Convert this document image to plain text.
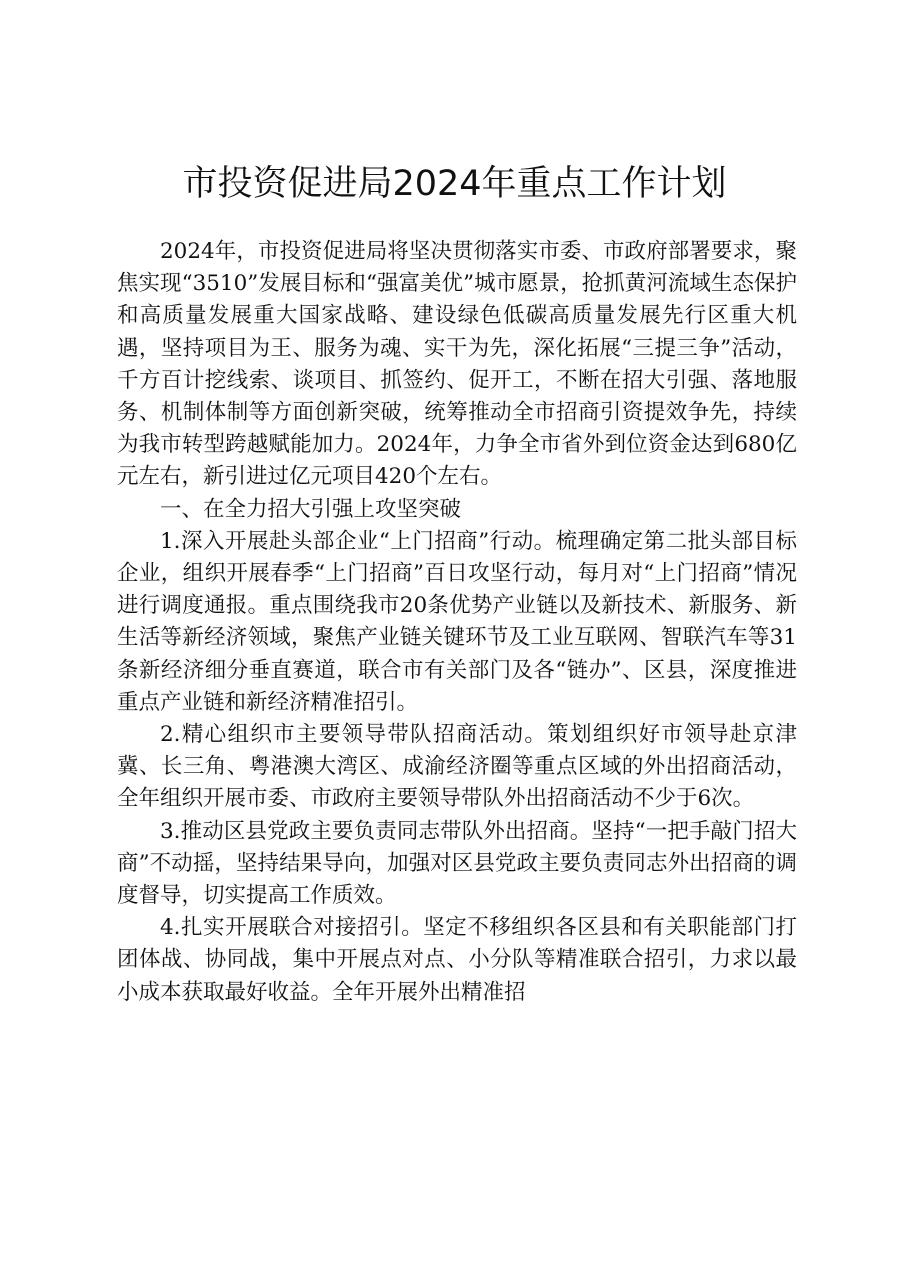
市投资促进局2024年重点工作计划

2024年，市投资促进局将坚决贯彻落实市委、市政府部署要求，聚焦实现“3510”发展目标和“强富美优”城市愿景，抢抓黄河流域生态保护和高质量发展重大国家战略、建设绿色低碳高质量发展先行区重大机遇，坚持项目为王、服务为魂、实干为先，深化拓展“三提三争”活动，千方百计挖线索、谈项目、抓签约、促开工，不断在招大引强、落地服务、机制体制等方面创新突破，统筹推动全市招商引资提效争先，持续为我市转型跨越赋能加力。2024年，力争全市省外到位资金达到680亿元左右，新引进过亿元项目420个左右。

一、在全力招大引强上攻坚突破

1.深入开展赴头部企业“上门招商”行动。梳理确定第二批头部目标企业，组织开展春季“上门招商”百日攻坚行动，每月对“上门招商”情况进行调度通报。重点围绕我市20条优势产业链以及新技术、新服务、新生活等新经济领域，聚焦产业链关键环节及工业互联网、智联汽车等31条新经济细分垂直赛道，联合市有关部门及各“链办”、区县，深度推进重点产业链和新经济精准招引。

2.精心组织市主要领导带队招商活动。策划组织好市领导赴京津冀、长三角、粤港澳大湾区、成渝经济圈等重点区域的外出招商活动，全年组织开展市委、市政府主要领导带队外出招商活动不少于6次。

3.推动区县党政主要负责同志带队外出招商。坚持“一把手敲门招大商”不动摇，坚持结果导向，加强对区县党政主要负责同志外出招商的调度督导，切实提高工作质效。

4.扎实开展联合对接招引。坚定不移组织各区县和有关职能部门打团体战、协同战，集中开展点对点、小分队等精准联合招引，力求以最小成本获取最好收益。全年开展外出精准招
